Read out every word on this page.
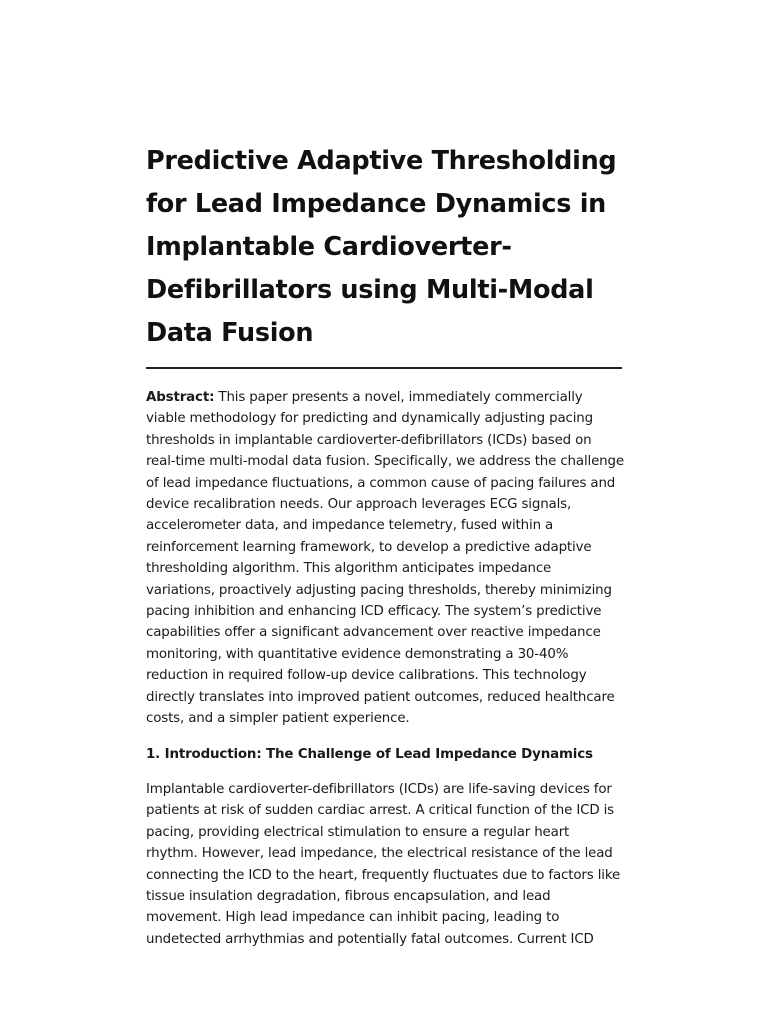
Predictive Adaptive Thresholding for Lead Impedance Dynamics in Implantable Cardioverter-Defibrillators using Multi-Modal Data Fusion

Abstract: This paper presents a novel, immediately commercially viable methodology for predicting and dynamically adjusting pacing thresholds in implantable cardioverter-defibrillators (ICDs) based on real-time multi-modal data fusion. Specifically, we address the challenge of lead impedance fluctuations, a common cause of pacing failures and device recalibration needs. Our approach leverages ECG signals, accelerometer data, and impedance telemetry, fused within a reinforcement learning framework, to develop a predictive adaptive thresholding algorithm. This algorithm anticipates impedance variations, proactively adjusting pacing thresholds, thereby minimizing pacing inhibition and enhancing ICD efficacy. The system’s predictive capabilities offer a significant advancement over reactive impedance monitoring, with quantitative evidence demonstrating a 30-40% reduction in required follow-up device calibrations. This technology directly translates into improved patient outcomes, reduced healthcare costs, and a simpler patient experience.

1. Introduction: The Challenge of Lead Impedance Dynamics

Implantable cardioverter-defibrillators (ICDs) are life-saving devices for patients at risk of sudden cardiac arrest. A critical function of the ICD is pacing, providing electrical stimulation to ensure a regular heart rhythm. However, lead impedance, the electrical resistance of the lead connecting the ICD to the heart, frequently fluctuates due to factors like tissue insulation degradation, fibrous encapsulation, and lead movement. High lead impedance can inhibit pacing, leading to undetected arrhythmias and potentially fatal outcomes. Current ICD
